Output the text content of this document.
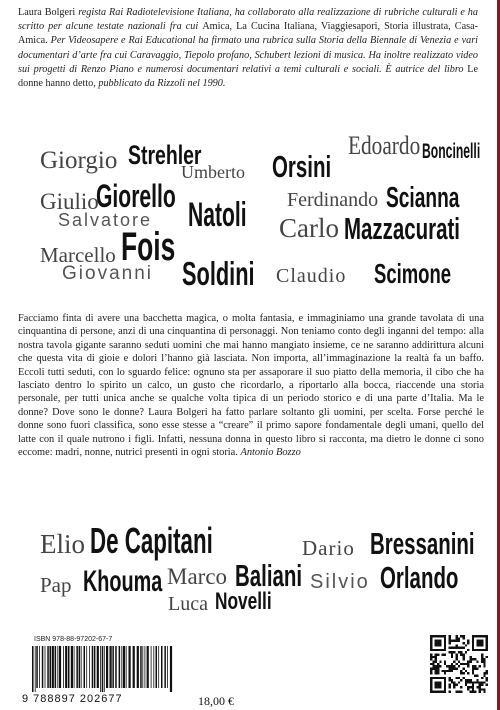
Laura Bolgeri regista Rai Radiotelevisione Italiana, ha collaborato alla realizzazione di rubriche culturali e ha scritto per alcune testate nazionali fra cui Amica, La Cucina Italiana, Viaggiesapori, Storia illustrata, Casa-Amica. Per Videosapere e Rai Educational ha firmato una rubrica sulla Storia della Biennale di Venezia e vari documentari d’arte fra cui Caravaggio, Tiepolo profano, Schubert lezioni di musica. Ha inoltre realizzato video sui progetti di Renzo Piano e numerosi documentari relativi a temi culturali e sociali. È autrice del libro Le donne hanno detto, pubblicato da Rizzoli nel 1990.
Giorgio Strehler
Umberto Orsini
Edoardo Boncinelli
Giulio
Giorello	Ferdinando Scianna
Salvatore Natoli Carlo Mazzacurati
Marcello Fois
Giovanni Soldini Claudio Scimone
Facciamo finta di avere una bacchetta magica, o molta fantasia, e immaginiamo una grande tavolata di una cinquantina di persone, anzi di una cinquantina di personaggi. Non teniamo conto degli inganni del tempo: alla nostra tavola gigante saranno seduti uomini che mai hanno mangiato insieme, ce ne saranno addirittura alcuni che questa vita di gioie e dolori l’hanno già lasciata. Non importa, all’immaginazione la realtà fa un baffo. Eccoli tutti seduti, con lo sguardo felice: ognuno sta per assaporare il suo piatto della memoria, il cibo che ha lasciato dentro lo spirito un calco, un gusto che ricordarlo, a riportarlo alla bocca, riaccende una storia personale, per tutti unica anche se qualche volta tipica di un periodo storico e di una parte d’Italia. Ma le donne? Dove sono le donne? Laura Bolgeri ha fatto parlare soltanto gli uomini, per scelta. Forse perché le donne sono fuori classifica, sono esse stesse a “creare” il primo sapore fondamentale degli umani, quello del latte con il quale nutrono i figli. Infatti, nessuna donna in questo libro si racconta, ma dietro le donne ci sono eccome: madri, nonne, nutrici presenti in ogni storia. Antonio Bozzo
Elio De Capitani	Dario Bressanini
Pap Khouma Marco Baliani Silvio Orlando
Luca Novelli
ISBN 978-88-97202-67-7
9 788897 202677	18,00 €
